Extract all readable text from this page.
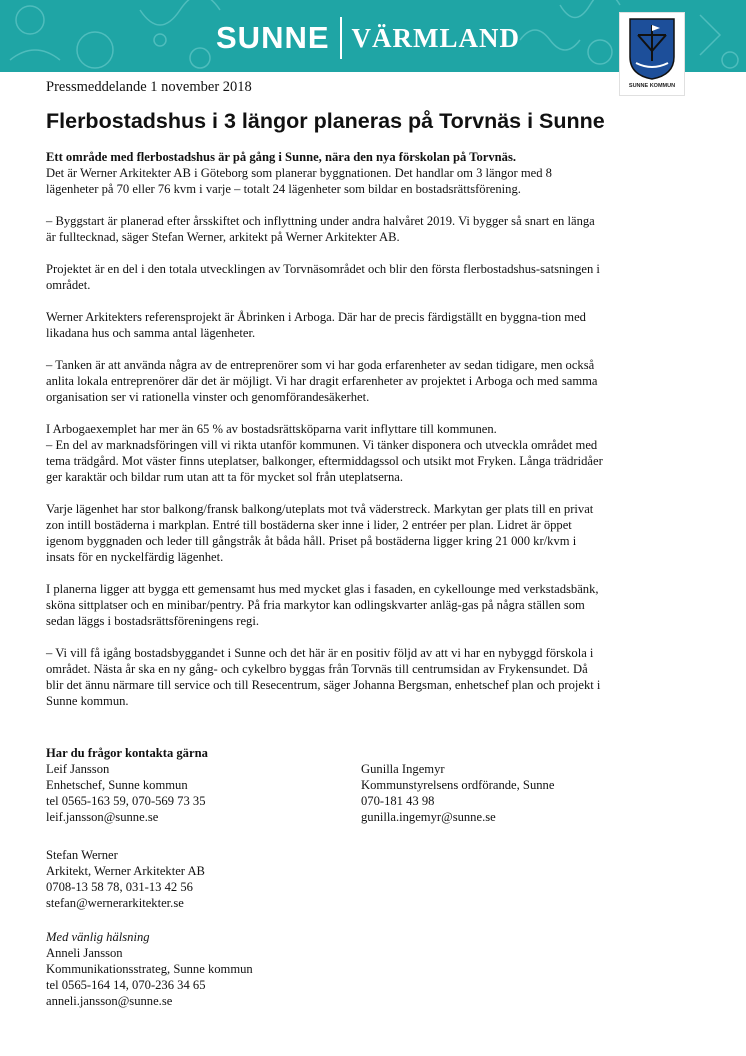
SUNNE VÄRMLAND
SUNNE KOMMUN
Pressmeddelande 1 november 2018
Flerbostadshus i 3 längor planeras på Torvnäs i Sunne

Ett område med flerbostadshus är på gång i Sunne, nära den nya förskolan på Torvnäs.

Det är Werner Arkitekter AB i Göteborg som planerar byggnationen. Det handlar om 3 längor med 8 lägenheter på 70 eller 76 kvm i varje – totalt 24 lägenheter som bildar en bostadsrättsförening.

– Byggstart är planerad efter årsskiftet och inflyttning under andra halvåret 2019. Vi bygger så snart en länga är fulltecknad, säger Stefan Werner, arkitekt på Werner Arkitekter AB.

Projektet är en del i den totala utvecklingen av Torvnäsområdet och blir den första flerbostadshus-satsningen i området.

Werner Arkitekters referensprojekt är Åbrinken i Arboga. Där har de precis färdigställt en byggna-tion med likadana hus och samma antal lägenheter.

– Tanken är att använda några av de entreprenörer som vi har goda erfarenheter av sedan tidigare, men också anlita lokala entreprenörer där det är möjligt. Vi har dragit erfarenheter av projektet i Arboga och med samma organisation ser vi rationella vinster och genomförandesäkerhet.

I Arbogaexemplet har mer än 65 % av bostadsrättsköparna varit inflyttare till kommunen.

– En del av marknadsföringen vill vi rikta utanför kommunen. Vi tänker disponera och utveckla området med tema trädgård. Mot väster finns uteplatser, balkonger, eftermiddagssol och utsikt mot Fryken. Långa trädridåer ger karaktär och bildar rum utan att ta för mycket sol från uteplatserna.

Varje lägenhet har stor balkong/fransk balkong/uteplats mot två väderstreck. Markytan ger plats till en privat zon intill bostäderna i markplan. Entré till bostäderna sker inne i lider, 2 entréer per plan. Lidret är öppet igenom byggnaden och leder till gångstråk åt båda håll. Priset på bostäderna ligger kring 21 000 kr/kvm i insats för en nyckelfärdig lägenhet.

I planerna ligger att bygga ett gemensamt hus med mycket glas i fasaden, en cykellounge med verkstadsbänk, sköna sittplatser och en minibar/pentry. På fria markytor kan odlingskvarter anläg-gas på några ställen som sedan läggs i bostadsrättsföreningens regi.

– Vi vill få igång bostadsbyggandet i Sunne och det här är en positiv följd av att vi har en nybyggd förskola i området. Nästa år ska en ny gång- och cykelbro byggas från Torvnäs till centrumsidan av Frykensundet. Då blir det ännu närmare till service och till Resecentrum, säger Johanna Bergsman, enhetschef plan och projekt i Sunne kommun.

Har du frågor kontakta gärna
Leif Jansson
Enhetschef, Sunne kommun
tel 0565-163 59, 070-569 73 35
leif.jansson@sunne.se
Gunilla Ingemyr
Kommunstyrelsens ordförande, Sunne
070-181 43 98
gunilla.ingemyr@sunne.se
Stefan Werner
Arkitekt, Werner Arkitekter AB
0708-13 58 78, 031-13 42 56
stefan@wernerarkitekter.se
Med vänlig hälsning
Anneli Jansson
Kommunikationsstrateg, Sunne kommun
tel 0565-164 14, 070-236 34 65
anneli.jansson@sunne.se
